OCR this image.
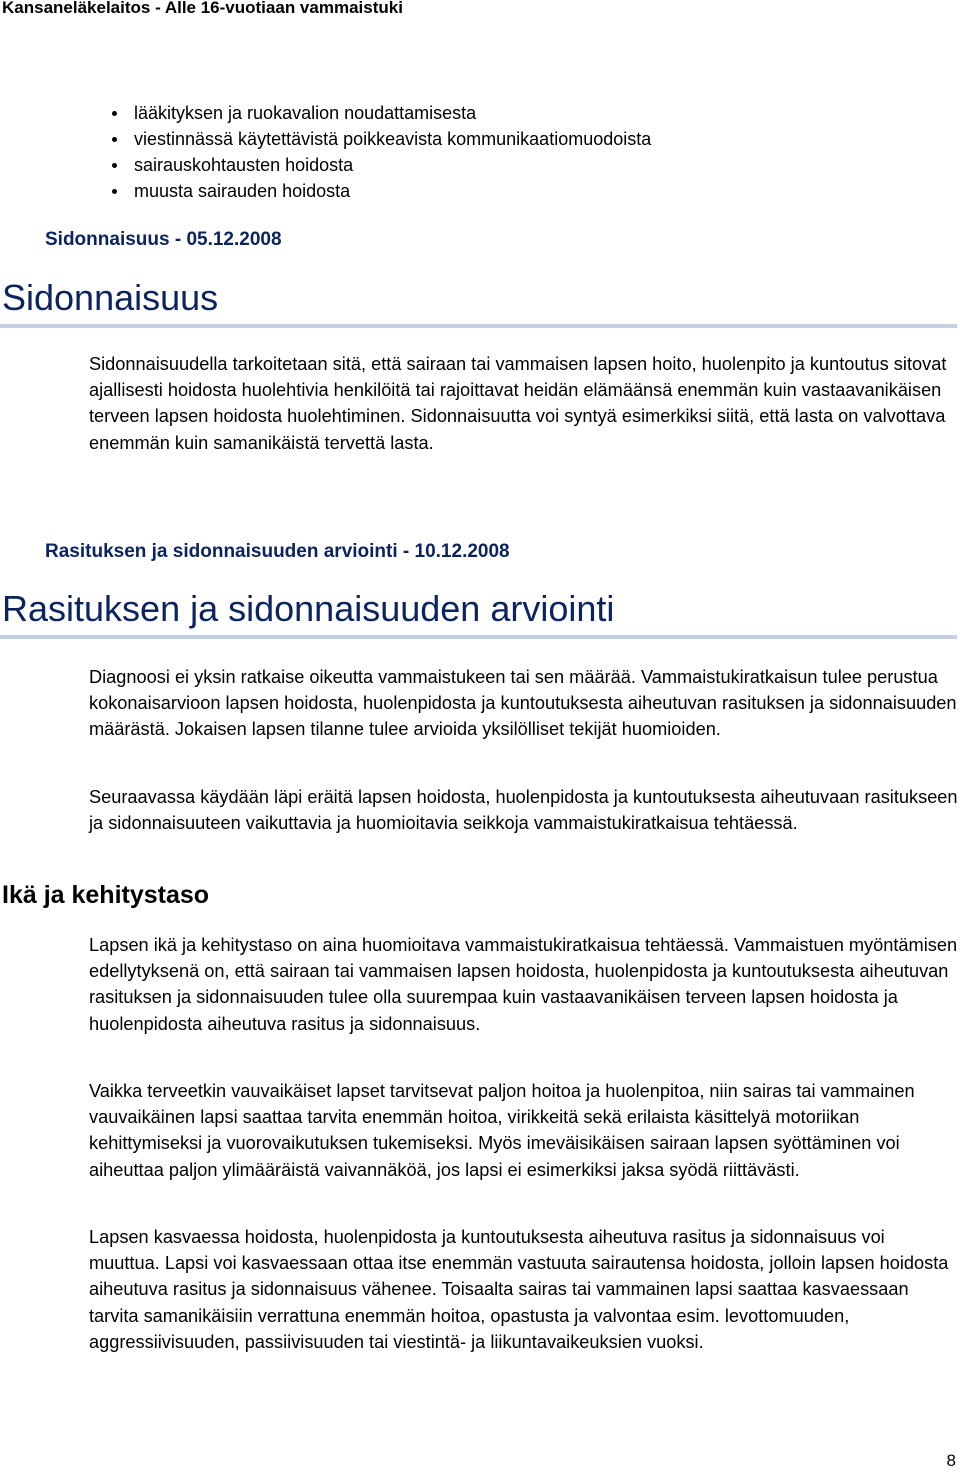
Kansaneläkelaitos - Alle 16-vuotiaan vammaistuki
lääkityksen ja ruokavalion noudattamisesta
viestinnässä käytettävistä poikkeavista kommunikaatiomuodoista
sairauskohtausten hoidosta
muusta sairauden hoidosta
Sidonnaisuus - 05.12.2008
Sidonnaisuus

Sidonnaisuudella tarkoitetaan sitä, että sairaan tai vammaisen lapsen hoito, huolenpito ja kuntoutus sitovat ajallisesti hoidosta huolehtivia henkilöitä tai rajoittavat heidän elämäänsä enemmän kuin vastaavanikäisen terveen lapsen hoidosta huolehtiminen. Sidonnaisuutta voi syntyä esimerkiksi siitä, että lasta on valvottava enemmän kuin samanikäistä tervettä lasta.

Rasituksen ja sidonnaisuuden arviointi - 10.12.2008
Rasituksen ja sidonnaisuuden arviointi

Diagnoosi ei yksin ratkaise oikeutta vammaistukeen tai sen määrää. Vammaistukiratkaisun tulee perustua kokonaisarvioon lapsen hoidosta, huolenpidosta ja kuntoutuksesta aiheutuvan rasituksen ja sidonnaisuuden määrästä. Jokaisen lapsen tilanne tulee arvioida yksilölliset tekijät huomioiden.

Seuraavassa käydään läpi eräitä lapsen hoidosta, huolenpidosta ja kuntoutuksesta aiheutuvaan rasitukseen ja sidonnaisuuteen vaikuttavia ja huomioitavia seikkoja vammaistukiratkaisua tehtäessä.

Ikä ja kehitystaso

Lapsen ikä ja kehitystaso on aina huomioitava vammaistukiratkaisua tehtäessä. Vammaistuen myöntämisen edellytyksenä on, että sairaan tai vammaisen lapsen hoidosta, huolenpidosta ja kuntoutuksesta aiheutuvan rasituksen ja sidonnaisuuden tulee olla suurempaa kuin vastaavanikäisen terveen lapsen hoidosta ja huolenpidosta aiheutuva rasitus ja sidonnaisuus.

Vaikka terveetkin vauvaikäiset lapset tarvitsevat paljon hoitoa ja huolenpitoa, niin sairas tai vammainen vauvaikäinen lapsi saattaa tarvita enemmän hoitoa, virikkeitä sekä erilaista käsittelyä motoriikan kehittymiseksi ja vuorovaikutuksen tukemiseksi. Myös imeväisikäisen sairaan lapsen syöttäminen voi aiheuttaa paljon ylimääräistä vaivannäköä, jos lapsi ei esimerkiksi jaksa syödä riittävästi.

Lapsen kasvaessa hoidosta, huolenpidosta ja kuntoutuksesta aiheutuva rasitus ja sidonnaisuus voi muuttua. Lapsi voi kasvaessaan ottaa itse enemmän vastuuta sairautensa hoidosta, jolloin lapsen hoidosta aiheutuva rasitus ja sidonnaisuus vähenee. Toisaalta sairas tai vammainen lapsi saattaa kasvaessaan tarvita samanikäisiin verrattuna enemmän hoitoa, opastusta ja valvontaa esim. levottomuuden, aggressiivisuuden, passiivisuuden tai viestintä- ja liikuntavaikeuksien vuoksi.

8
